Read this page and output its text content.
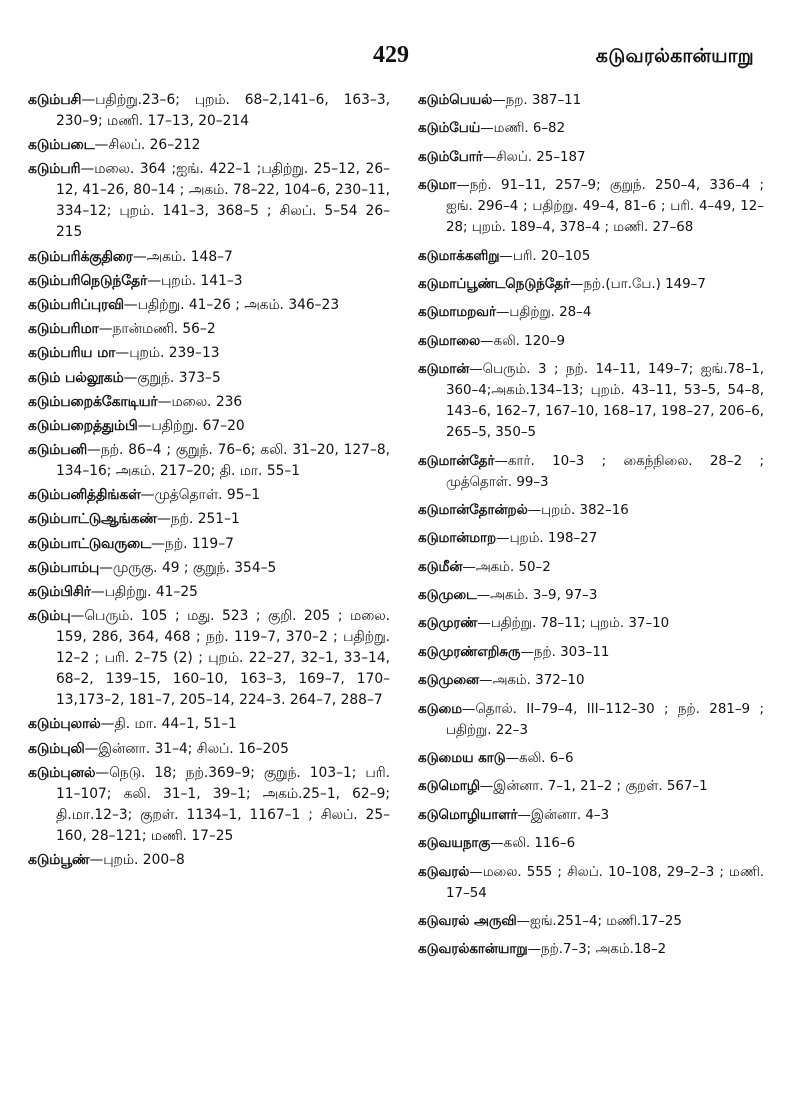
429	கடுவரல்கான்யாறு
கடும்பசி—பதிற்று.23–6; புறம். 68–2,141–6, 163–3, 230–9; மணி. 17–13, 20–214
கடும்படை—சிலப். 26–212
கடும்பரி—மலை. 364 ;ஐங். 422–1 ;பதிற்று. 25–12, 26–12, 41–26, 80–14 ; அகம். 78–22, 104–6, 230–11, 334–12; புறம். 141–3, 368–5 ; சிலப். 5–54 26–215
கடும்பரிக்குதிரை—அகம். 148–7
கடும்பரிநெடுந்தேர்—புறம். 141–3
கடும்பரிப்புரவி—பதிற்று. 41–26 ; அகம். 346–23
கடும்பரிமா—நான்மணி. 56–2
கடும்பரிய மா—புறம். 239–13
கடும் பல்லூகம்—குறுந். 373–5
கடும்பறைக்கோடியர்—மலை. 236
கடும்பறைத்தும்பி—பதிற்று. 67–20
கடும்பனி—நற். 86–4 ; குறுந். 76–6; கலி. 31–20, 127–8, 134–16; அகம். 217–20; தி. மா. 55–1
கடும்பனித்திங்கள்—முத்தொள். 95–1
கடும்பாட்டுஆங்கண்—நற். 251–1
கடும்பாட்டுவருடை—நற். 119–7
கடும்பாம்பு—முருகு. 49 ; குறுந். 354–5
கடும்பிசிர்—பதிற்று. 41–25
கடும்பு—பெரும். 105 ; மது. 523 ; குறி. 205 ; மலை. 159, 286, 364, 468 ; நற். 119–7, 370–2 ; பதிற்று. 12–2 ; பரி. 2–75 (2) ; புறம். 22–27, 32–1, 33–14, 68–2, 139–15, 160–10, 163–3, 169–7, 170–13,173–2, 181–7, 205–14, 224–3. 264–7, 288–7
கடும்புலால்—தி. மா. 44–1, 51–1
கடும்புலி—இன்னா. 31–4; சிலப். 16–205
கடும்புனல்—நெடு. 18; நற்.369–9; குறுந். 103–1; பரி. 11–107; கலி. 31–1, 39–1; அகம்.25–1, 62–9; தி.மா.12–3; குறள். 1134–1, 1167–1 ; சிலப். 25–160, 28–121; மணி. 17–25
கடும்பூண்—புறம். 200–8
கடும்பெயல்—நற. 387–11
கடும்பேய்—மணி. 6–82
கடும்போர்—சிலப். 25–187
கடுமா—நற். 91–11, 257–9; குறுந். 250–4, 336–4 ; ஐங். 296–4 ; பதிற்று. 49–4, 81–6 ; பரி. 4–49, 12–28; புறம். 189–4, 378–4 ; மணி. 27–68
கடுமாக்களிறு—பரி. 20–105
கடுமாப்பூண்டநெடுந்தேர்—நற்.(பா.பே.) 149–7
கடுமாமறவர்—பதிற்று. 28–4
கடுமாலை—கலி. 120–9
கடுமான்—பெரும். 3 ; நற். 14–11, 149–7; ஐங்.78–1, 360–4;அகம்.134–13; புறம். 43–11, 53–5, 54–8, 143–6, 162–7, 167–10, 168–17, 198–27, 206–6, 265–5, 350–5
கடுமான்தேர்—கார். 10–3 ; கைந்நிலை. 28–2 ; முத்தொள். 99–3
கடுமான்தோன்றல்—புறம். 382–16
கடுமான்மாற—புறம். 198–27
கடுமீன்—அகம். 50–2
கடுமுடை—அகம். 3–9, 97–3
கடுமுரண்—பதிற்று. 78–11; புறம். 37–10
கடுமுரண்எறிசுரு—நற். 303–11
கடுமுனை—அகம். 372–10
கடுமை—தொல். II–79–4, III–112–30 ; நற். 281–9 ; பதிற்று. 22–3
கடுமைய காடு—கலி. 6–6
கடுமொழி—இன்னா. 7–1, 21–2 ; குறள். 567–1
கடுமொழியாளர்—இன்னா. 4–3
கடுவயநாகு—கலி. 116–6
கடுவரல்—மலை. 555 ; சிலப். 10–108, 29–2–3 ; மணி. 17–54
கடுவரல் அருவி—ஐங்.251–4; மணி.17–25
கடுவரல்கான்யாறு—நற்.7–3; அகம்.18–2
